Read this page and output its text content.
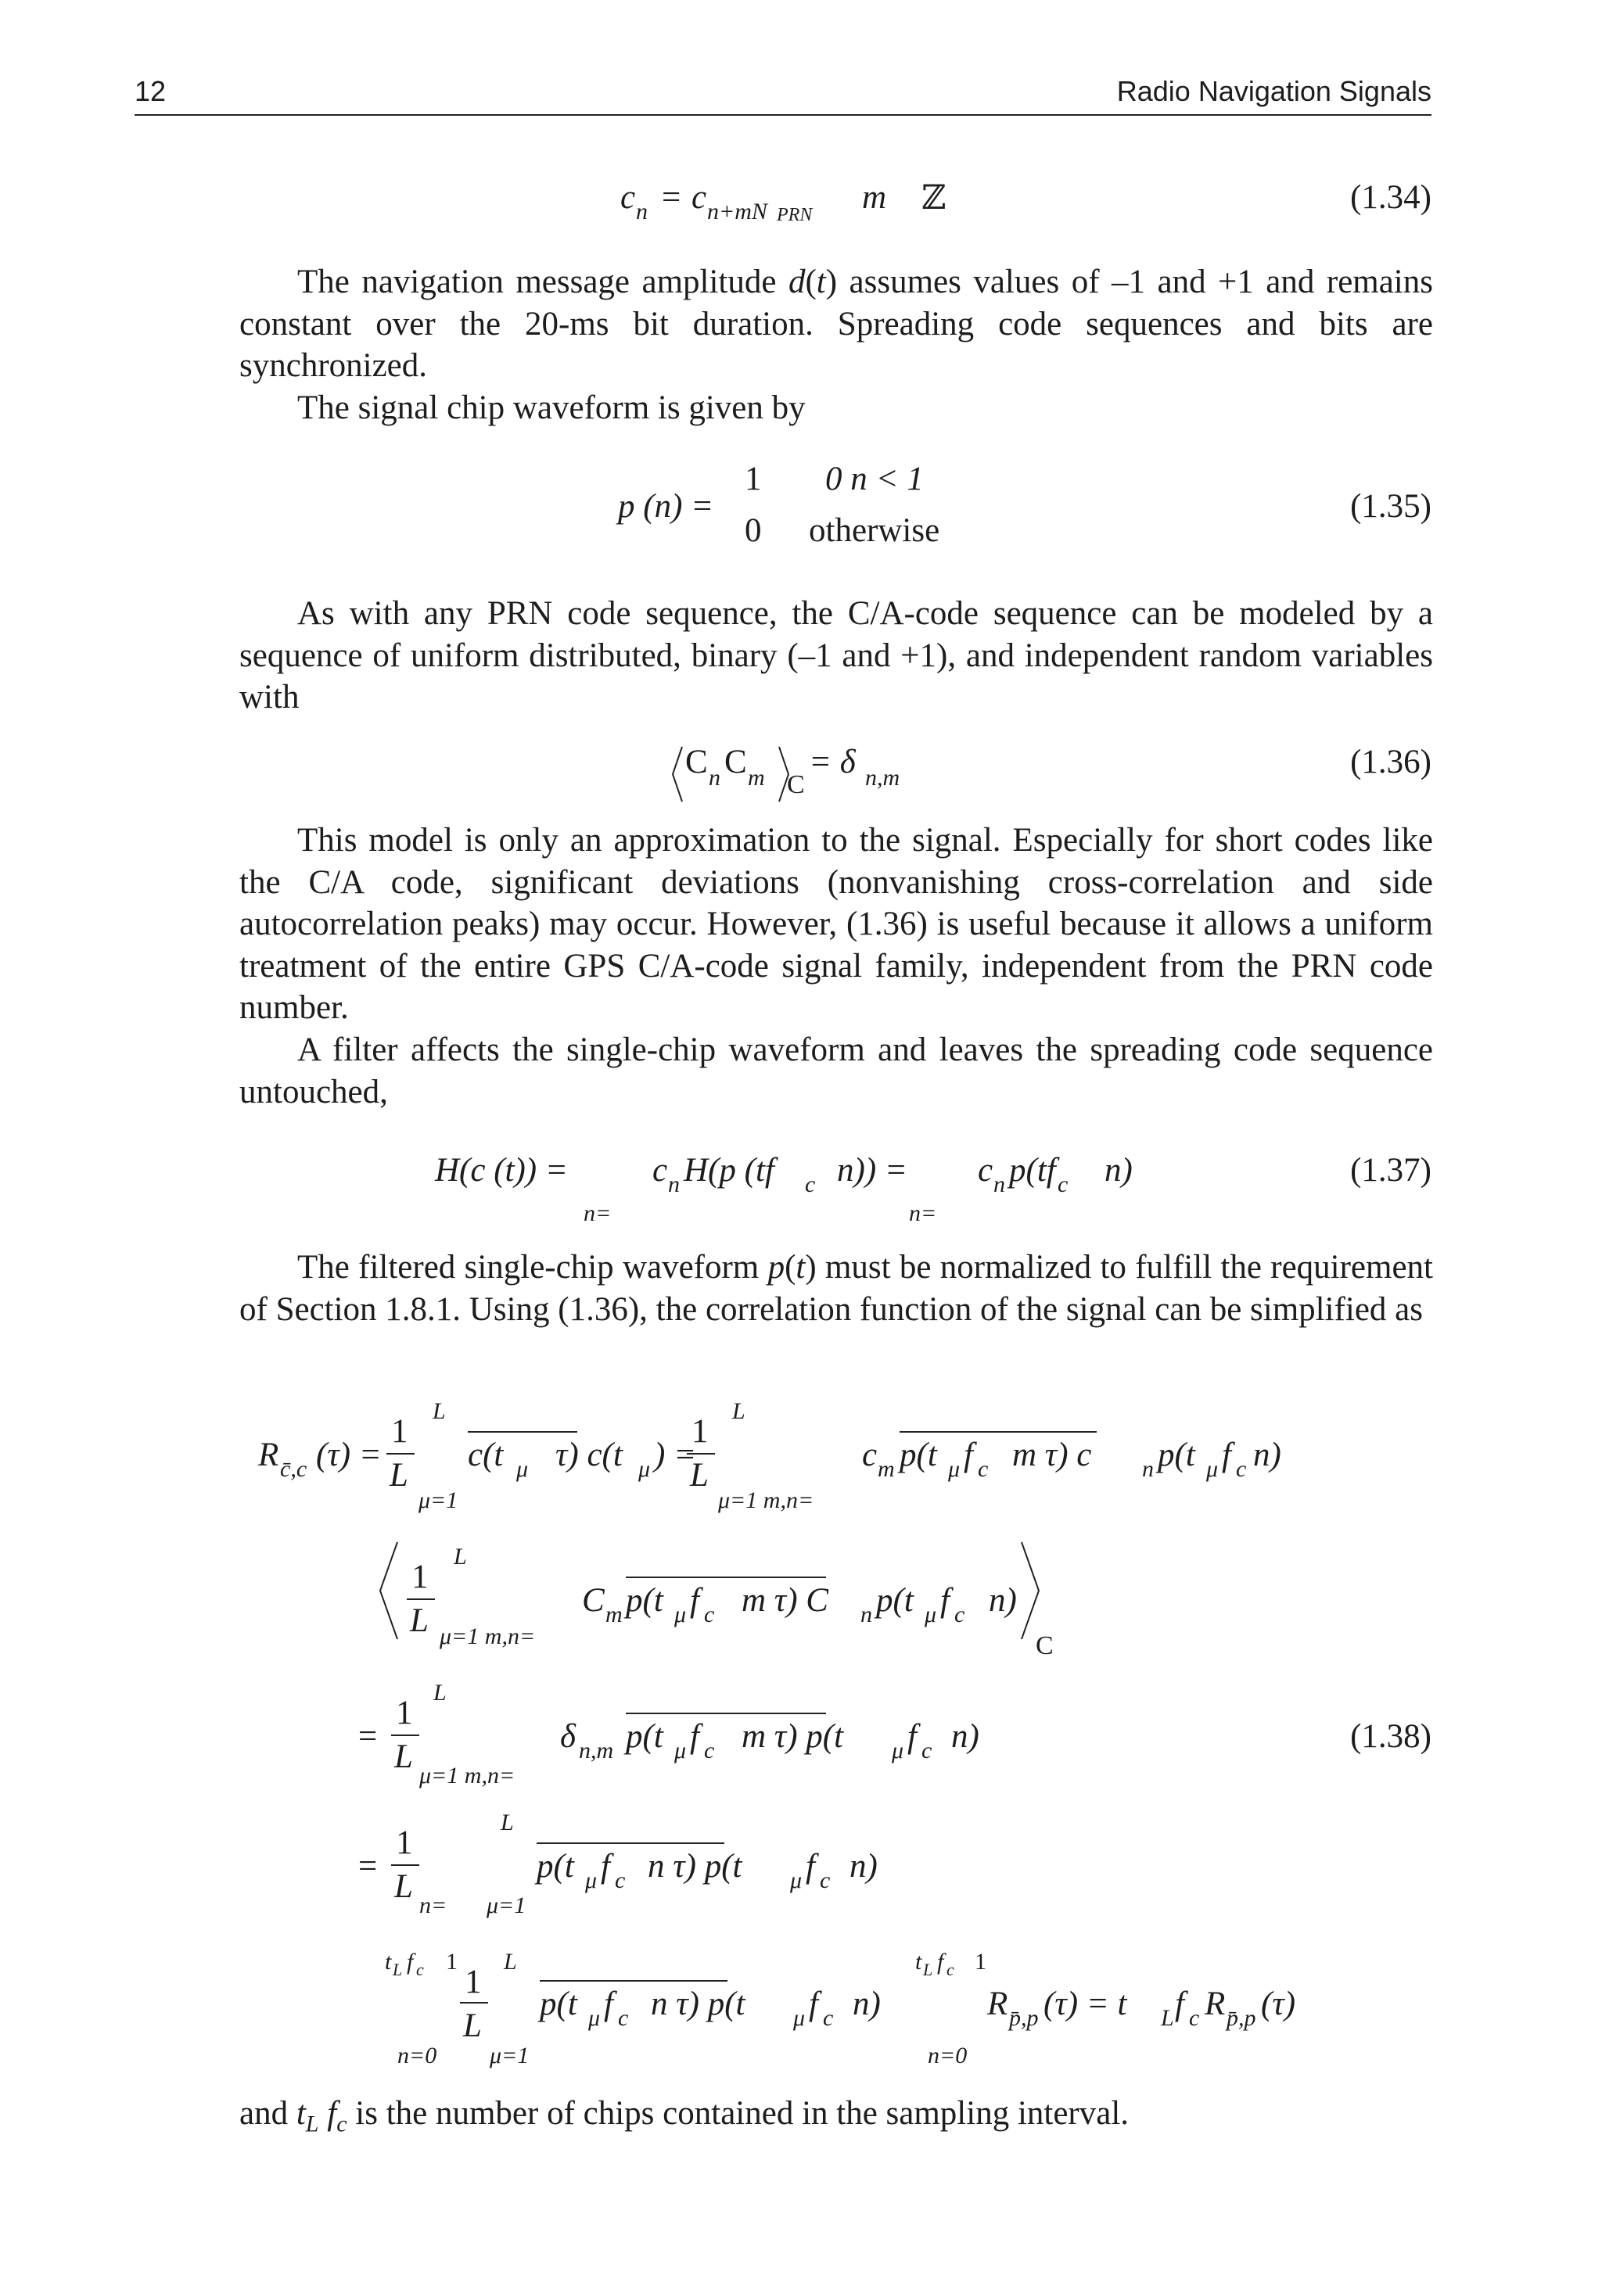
12	Radio Navigation Signals
c n = c n+mN PRN m ℤ	(1.34)

The navigation message amplitude d(t) assumes values of –1 and +1 and remains constant over the 20-ms bit duration. Spreading code sequences and bits are synchronized.

The signal chip waveform is given by

p (n) =
1 0 n < 1
0 otherwise
(1.35)

As with any PRN code sequence, the C/A-code sequence can be modeled by a sequence of uniform distributed, binary (–1 and +1), and independent random variables with

C n C m C
= δ n,m	(1.36)

This model is only an approximation to the signal. Especially for short codes like the C/A code, significant deviations (nonvanishing cross-correlation and side autocorrelation peaks) may occur. However, (1.36) is useful because it allows a uniform treatment of the entire GPS C/A-code signal family, independent from the PRN code number.

A filter affects the single-chip waveform and leaves the spreading code sequence untouched,

H(c (t)) =
n=
c n H(p (tf c n)) =
n=
c n p(tf c n)	(1.37)

The filtered single-chip waveform p(t) must be normalized to fulfill the requirement of Section 1.8.1. Using (1.36), the correlation function of the signal can be simplified as

R c̄,c (τ) =
1
L
L
μ=1
c(t μ τ) c(t μ ) =
1
L
L
μ=1 m,n=
c m p(t μ f c m τ) c n p(t μ f c n)
1
L
L
μ=1 m,n=
C m p(t μ f c m τ) C n p(t μ f c n)
C
=
1
L
L
μ=1 m,n=
δ n,m p(t μ f c m τ) p(t μ f c n)	(1.38)
=
1
L
n=
L
μ=1
p(t μ f c n τ) p(t μ f c n)
t L f c 1
n=0
1
L
L
μ=1
p(t μ f c n τ) p(t μ f c n)
t L f c 1
n=0
R p̄,p (τ) = t L f c R p̄,p (τ)

and $t_L$ $f_c$ is the number of chips contained in the sampling interval.
